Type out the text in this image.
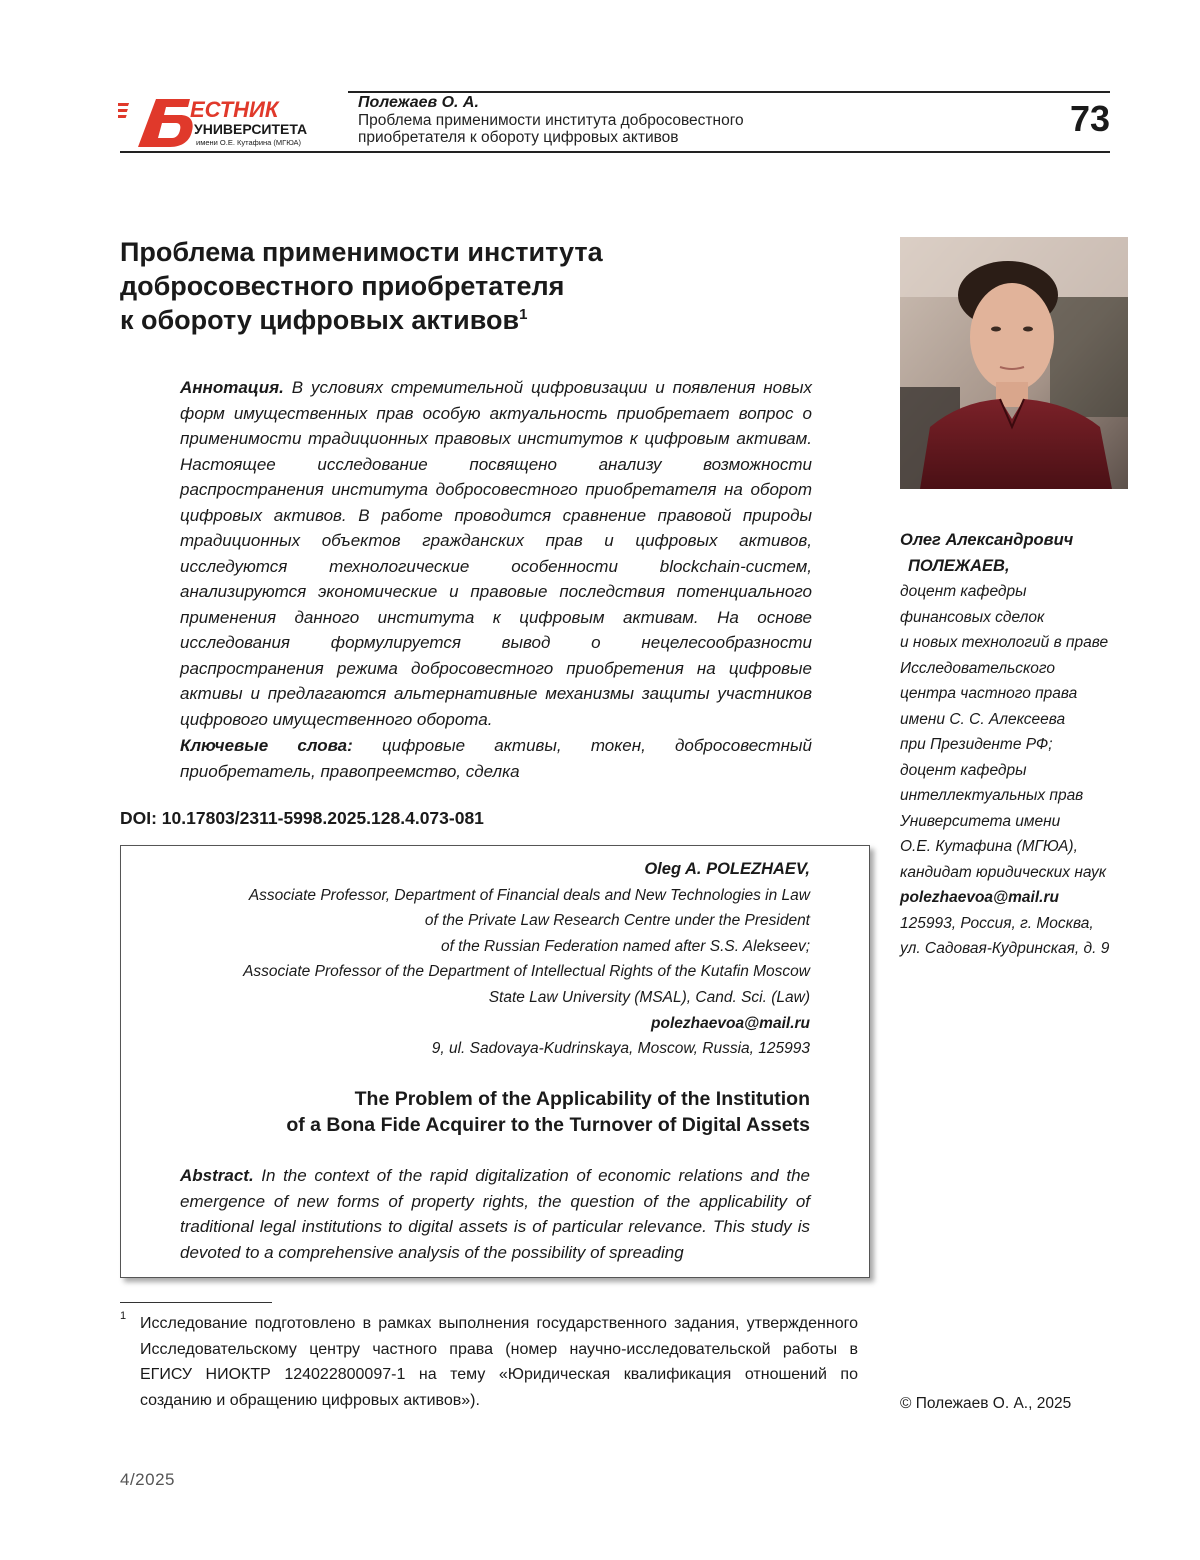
ЕСТНИК
УНИВЕРСИТЕТА
имени О.Е. Кутафина (МГЮА)
Полежаев О. А.
Проблема применимости института добросовестного
приобретателя к обороту цифровых активов	73
Проблема применимости института
добросовестного приобретателя
к обороту цифровых активов$^1$
Аннотация. В условиях стремительной цифровизации и появления новых форм имущественных прав особую актуальность приобретает вопрос о применимости традиционных правовых институтов к цифровым активам. Настоящее исследование посвящено анализу возможности распространения института добросовестного приобретателя на оборот цифровых активов. В работе проводится сравнение правовой природы традиционных объектов гражданских прав и цифровых активов, исследуются технологические особенности blockchain-систем, анализируются экономические и правовые последствия потенциального применения данного института к цифровым активам. На основе исследования формулируется вывод о нецелесообразности распространения режима добросовестного приобретения на цифровые активы и предлагаются альтернативные механизмы защиты участников цифрового имущественного оборота.
Ключевые слова: цифровые активы, токен, добросовестный приобретатель, правопреемство, сделка
DOI: 10.17803/2311-5998.2025.128.4.073-081
Олег Александрович
ПОЛЕЖАЕВ,
доцент кафедры
финансовых сделок
и новых технологий в праве
Исследовательского
центра частного права
имени С. С. Алексеева
при Президенте РФ;
доцент кафедры
интеллектуальных прав
Университета имени
О.Е. Кутафина (МГЮА),
кандидат юридических наук
polezhaevoa@mail.ru
125993, Россия, г. Москва,
ул. Садовая-Кудринская, д. 9
Oleg A. POLEZHAEV,
Associate Professor, Department of Financial deals and New Technologies in Law
of the Private Law Research Centre under the President
of the Russian Federation named after S.S. Alekseev;
Associate Professor of the Department of Intellectual Rights of the Kutafin Moscow
State Law University (MSAL), Cand. Sci. (Law)
polezhaevoa@mail.ru
9, ul. Sadovaya-Kudrinskaya, Moscow, Russia, 125993
The Problem of the Applicability of the Institution
of a Bona Fide Acquirer to the Turnover of Digital Assets
Abstract. In the context of the rapid digitalization of economic relations and the emergence of new forms of property rights, the question of the applicability of traditional legal institutions to digital assets is of particular relevance. This study is devoted to a comprehensive analysis of the possibility of spreading
1 Исследование подготовлено в рамках выполнения государственного задания, утвержденного Исследовательскому центру частного права (номер научно-исследовательской работы в ЕГИСУ НИОКТР 124022800097-1 на тему «Юридическая квалификация отношений по созданию и обращению цифровых активов»).	© Полежаев О. А., 2025
4/2025
